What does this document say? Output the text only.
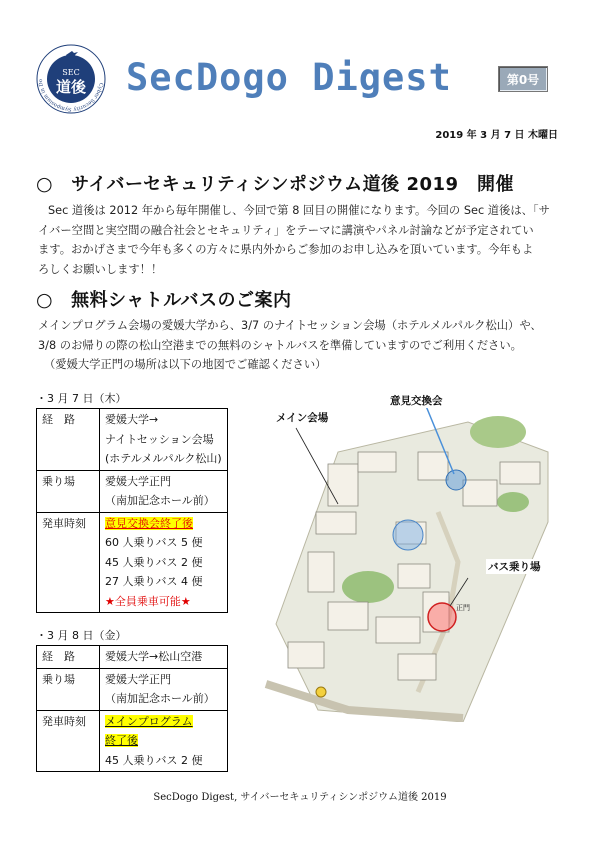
Cyber Security Symposium in Do
SEC
道後 SecDogo Digest	第0号
2019 年 3 月 7 日 木曜日
○ サイバーセキュリティシンポジウム道後 2019　開催
Sec 道後は 2012 年から毎年開催し、今回で第 8 回目の開催になります。今回の Sec 道後は、「サ
イバー空間と実空間の融合社会とセキュリティ」をテーマに講演やパネル討論などが予定されてい
ます。おかげさまで今年も多くの方々に県内外からご参加のお申し込みを頂いています。今年もよ
ろしくお願いします！！
○ 無料シャトルバスのご案内
メインプログラム会場の愛媛大学から、3/7 のナイトセッション会場（ホテルメルパルク松山）や、
3/8 のお帰りの際の松山空港までの無料のシャトルバスを準備していますのでご利用ください。
（愛媛大学正門の場所は以下の地図でご確認ください）
・3 月 7 日（木）
経　路	愛媛大学→
ナイトセッション会場
(ホテルメルパルク松山)

乗り場	愛媛大学正門
（南加記念ホール前）

発車時刻	意見交換会終了後
60 人乗りバス 5 便
45 人乗りバス 2 便
27 人乗りバス 4 便
★全員乗車可能★
・3 月 8 日（金）
経　路	愛媛大学→松山空港
乗り場	愛媛大学正門
（南加記念ホール前）

発車時刻	メインプログラム
終了後
45 人乗りバス 2 便
正門
メイン会場
意見交換会
バス乗り場
SecDogo Digest, サイバーセキュリティシンポジウム道後 2019
